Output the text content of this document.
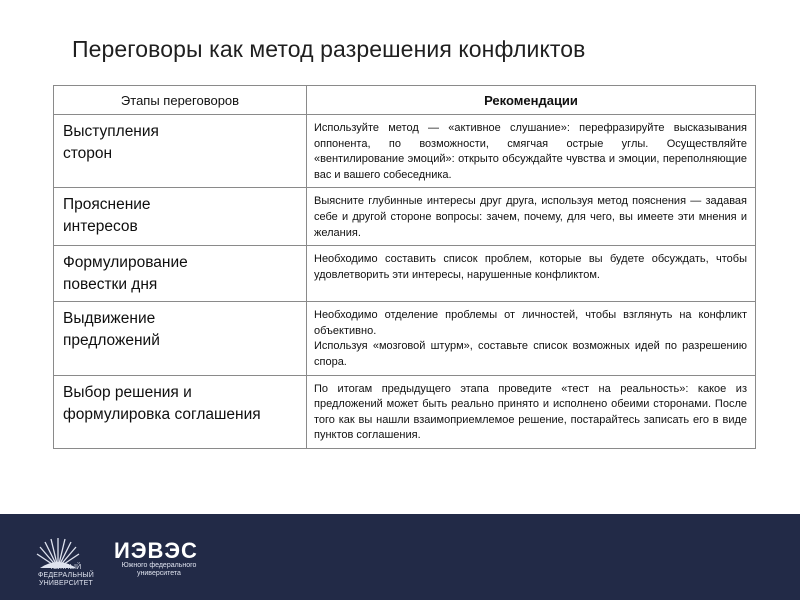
Переговоры как метод разрешения конфликтов
Этапы переговоров	Рекомендации
Выступления
сторон	Используйте метод — «активное слушание»: перефразируйте высказывания оппонента, по возможности, смягчая острые углы. Осуществляйте «вентилирование эмоций»: открыто обсуждайте чувства и эмоции, переполняющие вас и вашего собеседника.
Прояснение
интересов	Выясните глубинные интересы друг друга, используя метод пояснения — задавая себе и другой стороне вопросы: зачем, почему, для чего, вы имеете эти мнения и желания.
Формулирование
повестки дня	Необходимо составить список проблем, которые вы будете обсуждать, чтобы удовлетворить эти интересы, нарушенные конфликтом.
Выдвижение
предложений	Необходимо отделение проблемы от личностей, чтобы взглянуть на конфликт объективно.
Используя «мозговой штурм», составьте список возможных идей по разрешению спора.
Выбор решения и
формулировка соглашения	По итогам предыдущего этапа проведите «тест на реальность»: какое из предложений может быть реально принято и исполнено обеими сторонами. После того как вы нашли взаимоприемлемое решение, постарайтесь записать его в виде пунктов соглашения.
ЮЖНЫЙ
ФЕДЕРАЛЬНЫЙ
УНИВЕРСИТЕТ
ИЭВЭС
Южного федерального
университета
